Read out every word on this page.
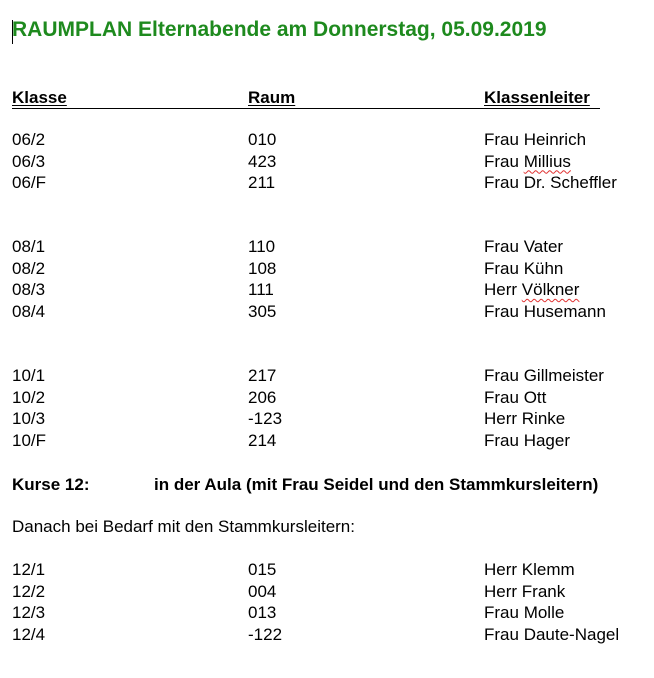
RAUMPLAN Elternabende am Donnerstag, 05.09.2019
Klasse	Raum	Klassenleiter
06/2	010	Frau Heinrich
06/3	423	Frau Millius
06/F	211	Frau Dr. Scheffler
08/1	110	Frau Vater
08/2	108	Frau Kühn
08/3	111	Herr Völkner
08/4	305	Frau Husemann
10/1	217	Frau Gillmeister
10/2	206	Frau Ott
10/3	-123	Herr Rinke
10/F	214	Frau Hager
Kurse 12:	in der Aula (mit Frau Seidel und den Stammkursleitern)
Danach bei Bedarf mit den Stammkursleitern:
12/1	015	Herr Klemm
12/2	004	Herr Frank
12/3	013	Frau Molle
12/4	-122	Frau Daute-Nagel
